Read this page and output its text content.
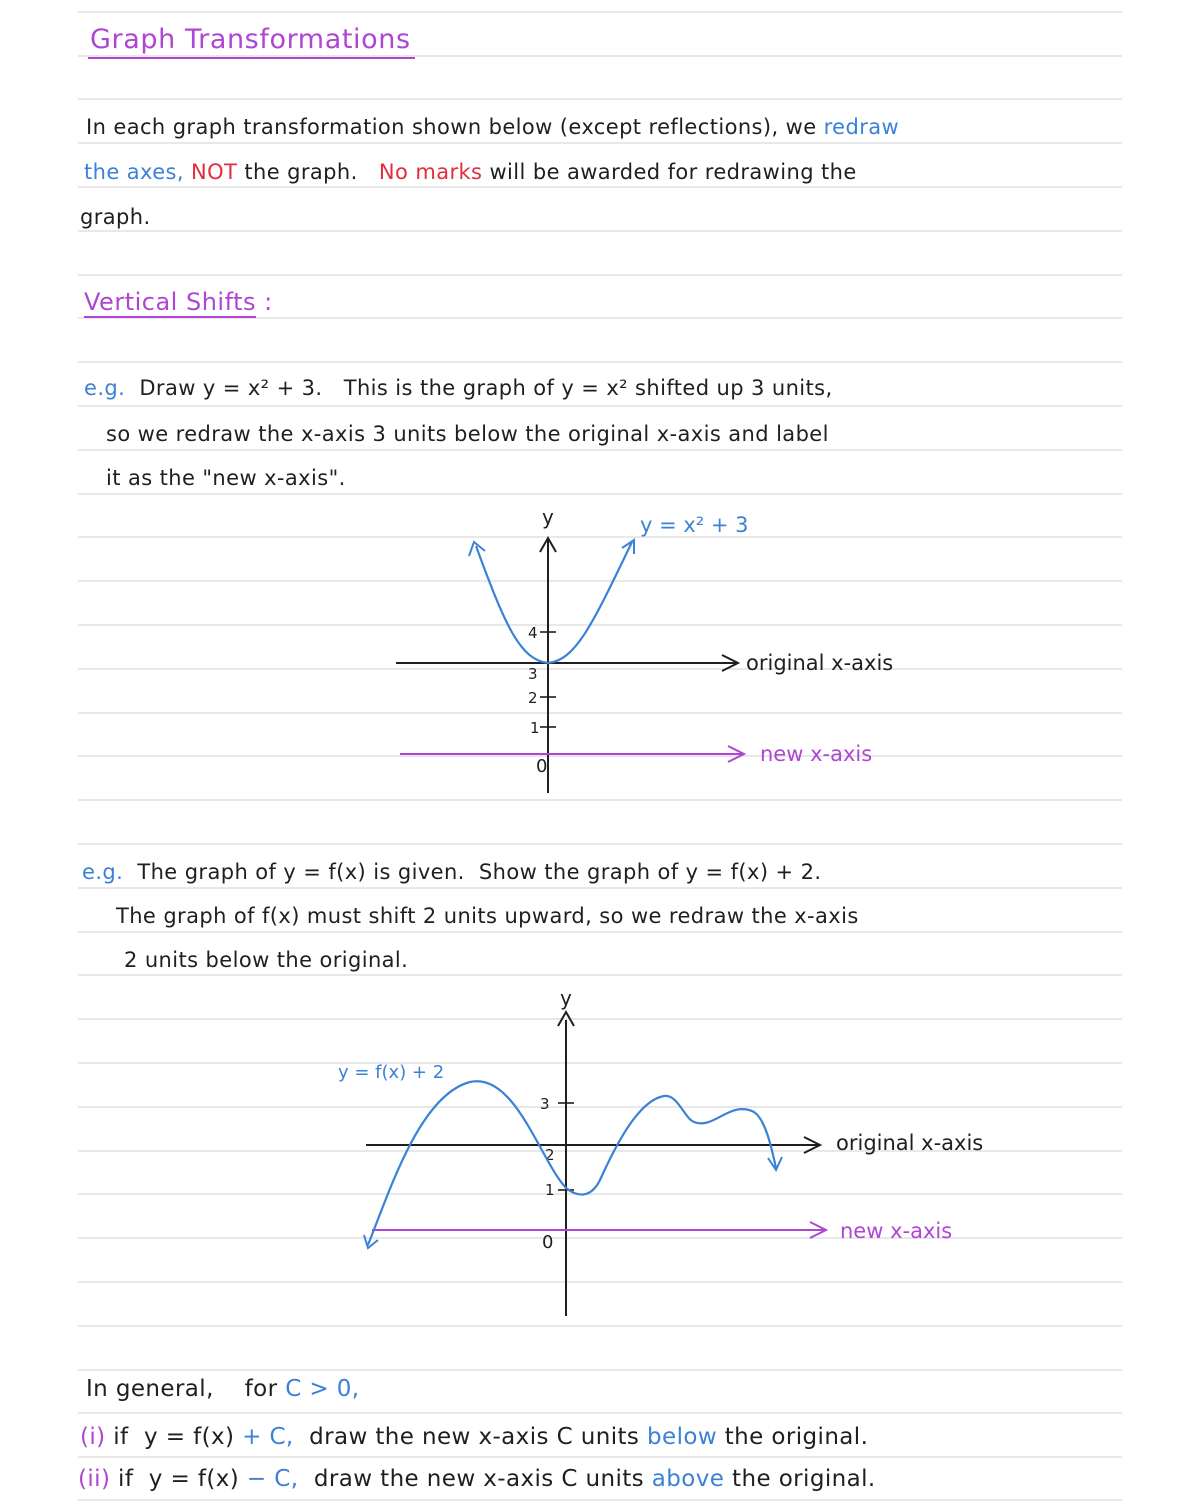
Graph Transformations
In each graph transformation shown below (except reflections), we redraw
the axes, NOT the graph. No marks will be awarded for redrawing the
graph.
Vertical Shifts :
e.g. Draw y = x² + 3.   This is the graph of y = x² shifted up 3 units,
so we redraw the x-axis 3 units below the original x-axis and label
it as the "new x-axis".
y
4
3
2
1
0
original x-axis
new x-axis
y = x² + 3
e.g. The graph of y = f(x) is given.  Show the graph of y = f(x) + 2.
The graph of f(x) must shift 2 units upward, so we redraw the x-axis
2 units below the original.
y
3
2
1
0
original x-axis
new x-axis
y = f(x) + 2
In general, for C > 0,
(i) if y = f(x) + C, draw the new x-axis C units below the original.
(ii) if y = f(x) − C, draw the new x-axis C units above the original.
